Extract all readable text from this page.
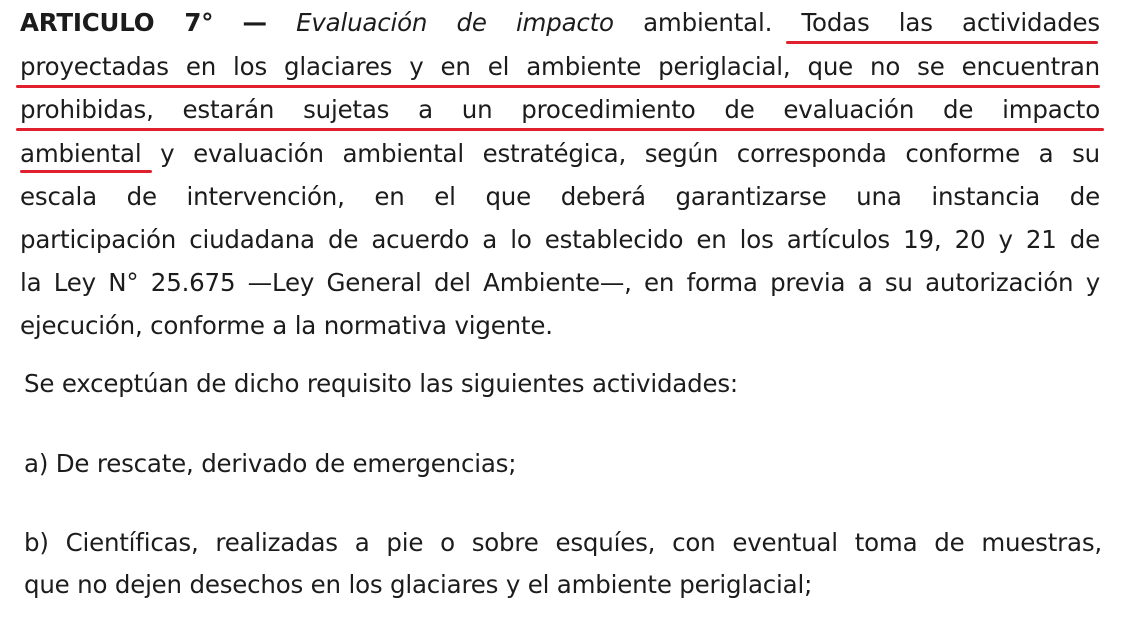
ARTICULO 7° — Evaluación de impacto ambiental. Todas las actividades
proyectadas en los glaciares y en el ambiente periglacial, que no se encuentran
prohibidas, estarán sujetas a un procedimiento de evaluación de impacto
ambiental y evaluación ambiental estratégica, según corresponda conforme a su
escala de intervención, en el que deberá garantizarse una instancia de
participación ciudadana de acuerdo a lo establecido en los artículos 19, 20 y 21 de
la Ley N° 25.675 —Ley General del Ambiente—, en forma previa a su autorización y
ejecución, conforme a la normativa vigente.
Se exceptúan de dicho requisito las siguientes actividades:
a) De rescate, derivado de emergencias;
b) Científicas, realizadas a pie o sobre esquíes, con eventual toma de muestras,
que no dejen desechos en los glaciares y el ambiente periglacial;
